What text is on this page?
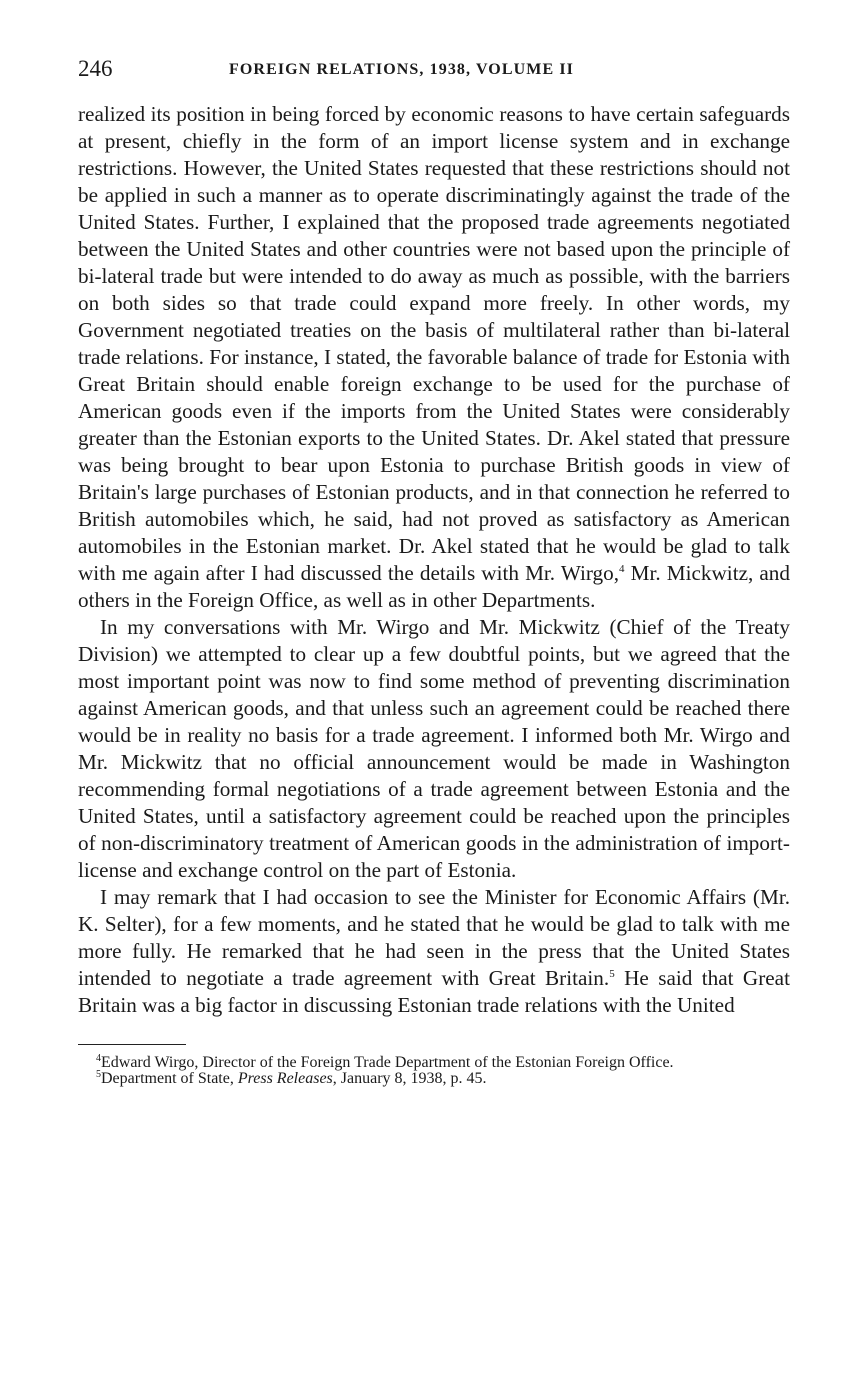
246	FOREIGN RELATIONS, 1938, VOLUME II

realized its position in being forced by economic reasons to have certain safeguards at present, chiefly in the form of an import license system and in exchange restrictions. However, the United States requested that these restrictions should not be applied in such a manner as to operate discriminatingly against the trade of the United States. Further, I explained that the proposed trade agreements negotiated between the United States and other countries were not based upon the principle of bi-lateral trade but were intended to do away as much as possible, with the barriers on both sides so that trade could expand more freely. In other words, my Government negotiated treaties on the basis of multilateral rather than bi-lateral trade relations. For instance, I stated, the favorable balance of trade for Estonia with Great Britain should enable foreign exchange to be used for the purchase of American goods even if the imports from the United States were considerably greater than the Estonian exports to the United States. Dr. Akel stated that pressure was being brought to bear upon Estonia to purchase British goods in view of Britain's large purchases of Estonian products, and in that connection he referred to British automobiles which, he said, had not proved as satisfactory as American automobiles in the Estonian market. Dr. Akel stated that he would be glad to talk with me again after I had discussed the details with Mr. Wirgo,$^4$ Mr. Mickwitz, and others in the Foreign Office, as well as in other Departments.

In my conversations with Mr. Wirgo and Mr. Mickwitz (Chief of the Treaty Division) we attempted to clear up a few doubtful points, but we agreed that the most important point was now to find some method of preventing discrimination against American goods, and that unless such an agreement could be reached there would be in reality no basis for a trade agreement. I informed both Mr. Wirgo and Mr. Mickwitz that no official announcement would be made in Washington recommending formal negotiations of a trade agreement between Estonia and the United States, until a satisfactory agreement could be reached upon the principles of non-discriminatory treatment of American goods in the administration of import-license and exchange control on the part of Estonia.

I may remark that I had occasion to see the Minister for Economic Affairs (Mr. K. Selter), for a few moments, and he stated that he would be glad to talk with me more fully. He remarked that he had seen in the press that the United States intended to negotiate a trade agreement with Great Britain.$^5$ He said that Great Britain was a big factor in discussing Estonian trade relations with the United

$^4$Edward Wirgo, Director of the Foreign Trade Department of the Estonian Foreign Office.

$^5$Department of State, Press Releases, January 8, 1938, p. 45.
